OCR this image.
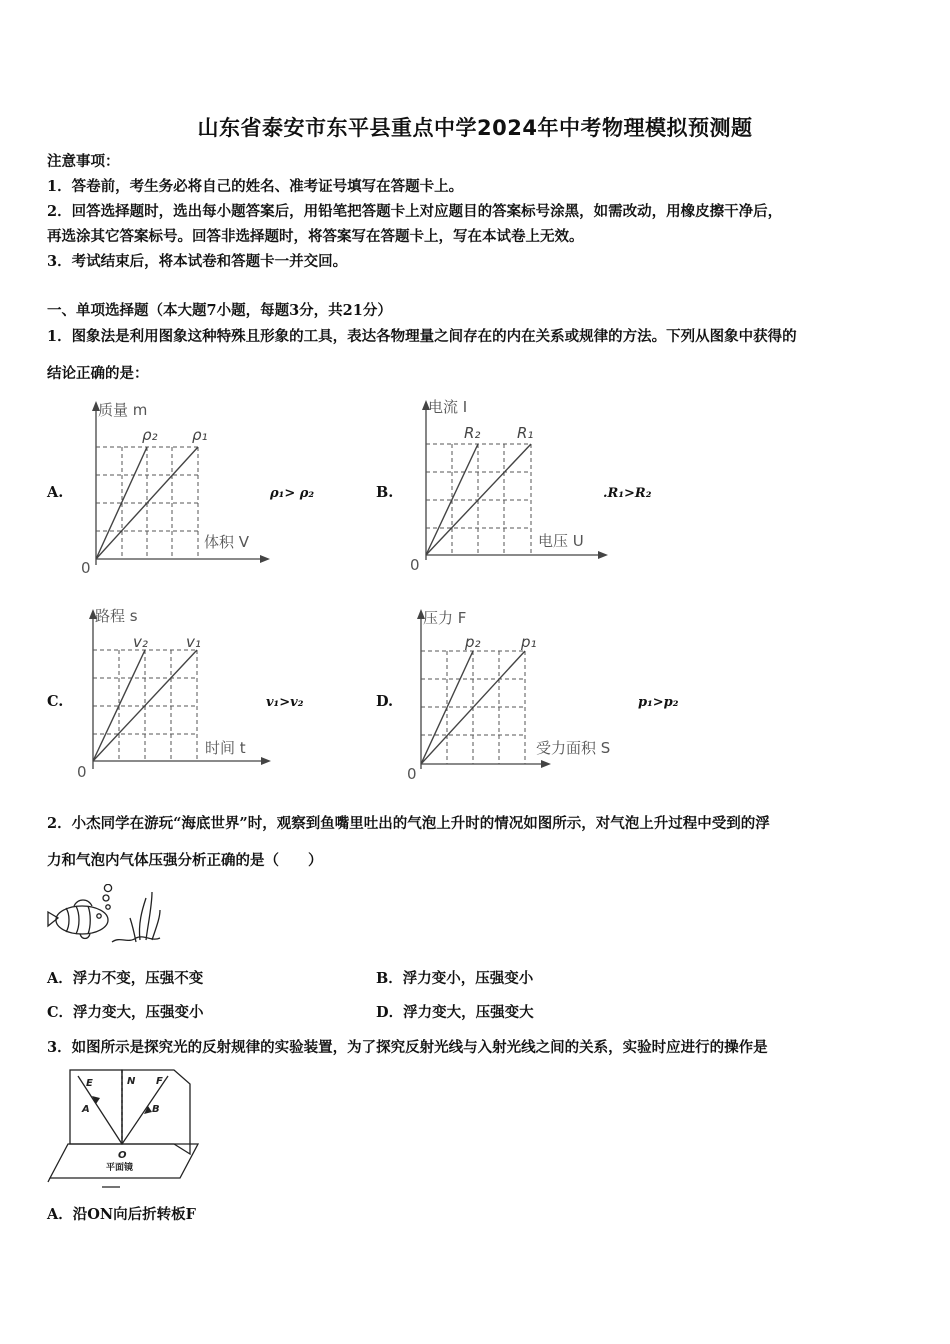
山东省泰安市东平县重点中学2024年中考物理模拟预测题
注意事项：
1．答卷前，考生务必将自己的姓名、准考证号填写在答题卡上。
2．回答选择题时，选出每小题答案后，用铅笔把答题卡上对应题目的答案标号涂黑，如需改动，用橡皮擦干净后，
再选涂其它答案标号。回答非选择题时，将答案写在答题卡上，写在本试卷上无效。
3．考试结束后，将本试卷和答题卡一并交回。
一、单项选择题（本大题7小题，每题3分，共21分）
1．图象法是利用图象这种特殊且形象的工具，表达各物理量之间存在的内在关系或规律的方法。下列从图象中获得的
结论正确的是：
A.
质量 m
体积 V
ρ₂ ρ₁
0
ρ₁> ρ₂	B.
电流 I
电压 U
R₂ R₁
0
.R₁>R₂
C.
路程 s
时间 t
v₂	v₁
0
v₁>v₂	D.
压力 F
受力面积 S
p₂	p₁
0
p₁>p₂
2．小杰同学在游玩“海底世界”时，观察到鱼嘴里吐出的气泡上升时的情况如图所示，对气泡上升过程中受到的浮
力和气泡内气体压强分析正确的是（　　）
A．浮力不变，压强不变	B．浮力变小，压强变小
C．浮力变大，压强变小	D．浮力变大，压强变大
3．如图所示是探究光的反射规律的实验装置，为了探究反射光线与入射光线之间的关系，实验时应进行的操作是
E	N F
A	B
O
平面镜
A．沿ON向后折转板F
